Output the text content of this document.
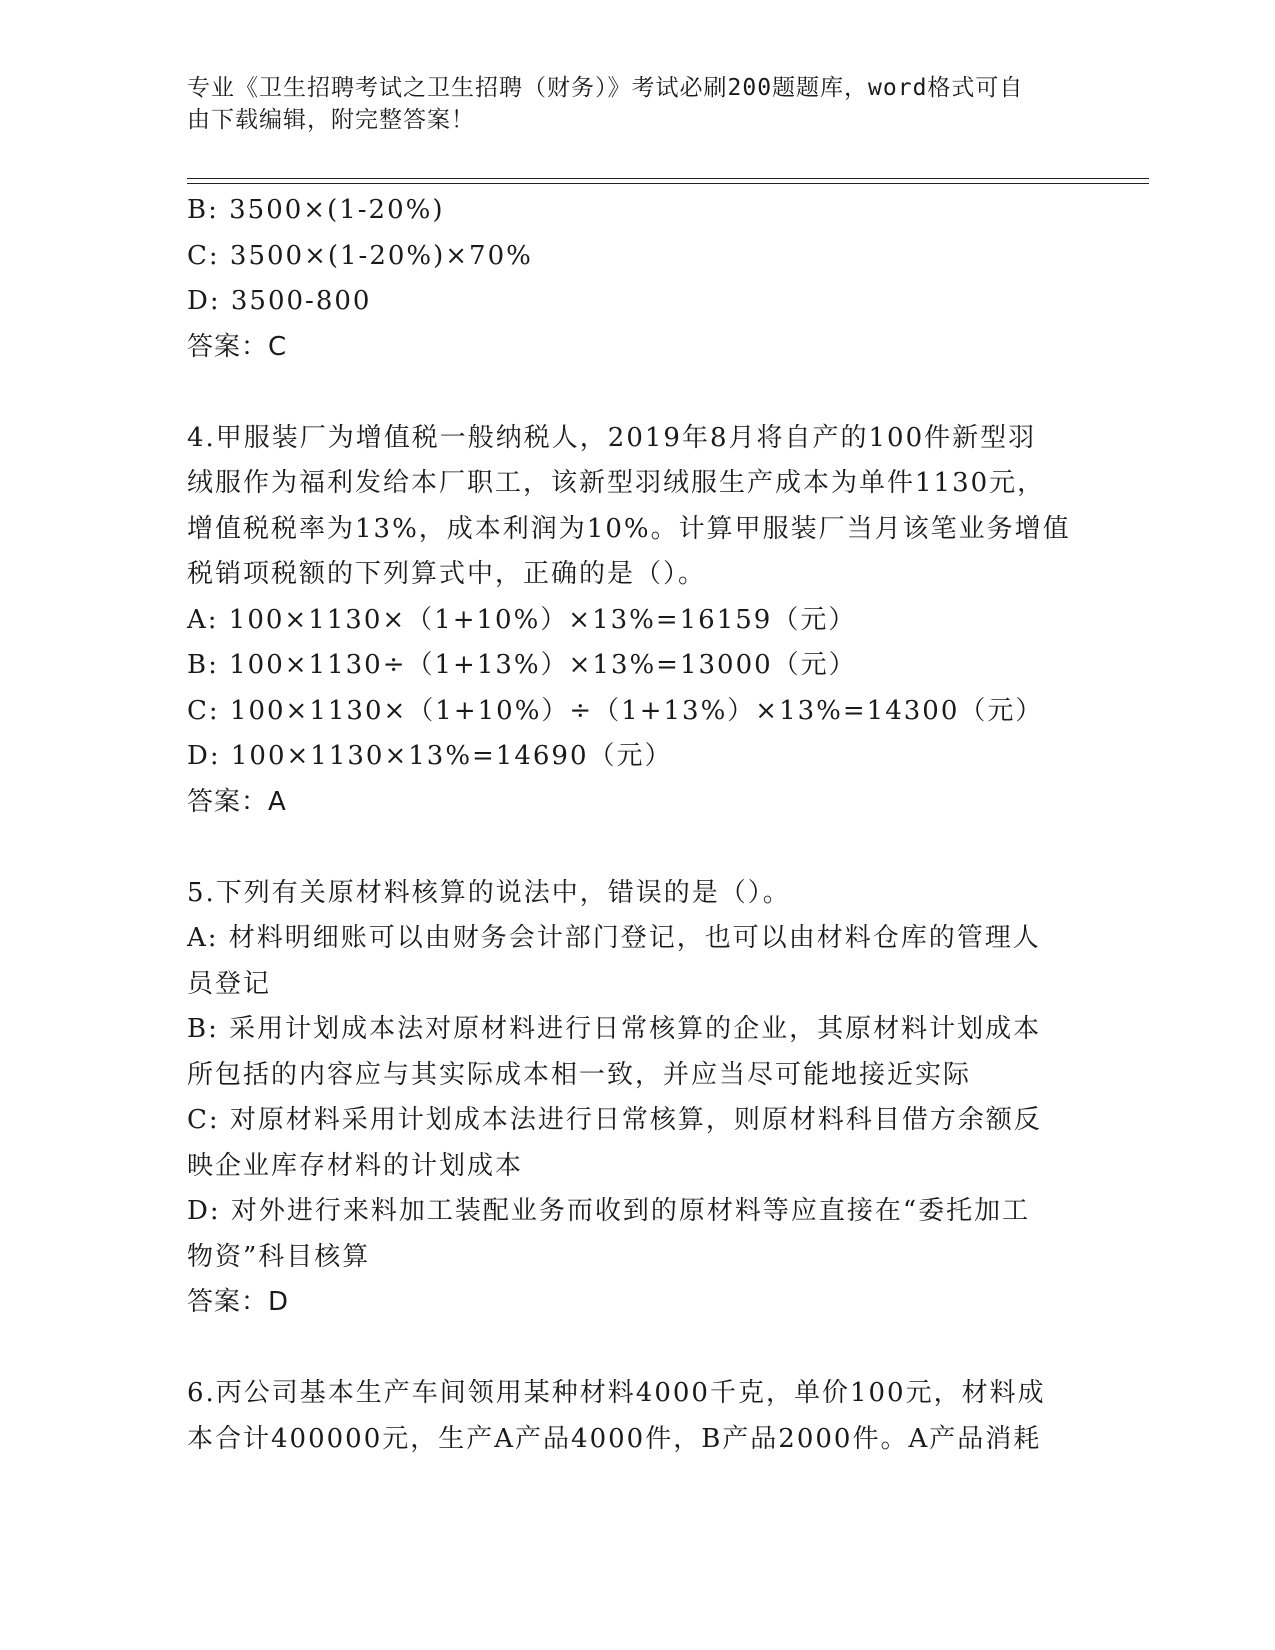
专业《卫生招聘考试之卫生招聘（财务）》考试必刷200题题库，word格式可自
由下载编辑，附完整答案！

B: 3500×(1-20%)

C: 3500×(1-20%)×70%

D: 3500-800

答案：C

4.甲服装厂为增值税一般纳税人，2019年8月将自产的100件新型羽

绒服作为福利发给本厂职工，该新型羽绒服生产成本为单件1130元，

增值税税率为13%，成本利润为10%。计算甲服装厂当月该笔业务增值

税销项税额的下列算式中，正确的是（）。

A: 100×1130×（1+10%）×13%=16159（元）

B: 100×1130÷（1+13%）×13%=13000（元）

C: 100×1130×（1+10%）÷（1+13%）×13%=14300（元）

D: 100×1130×13%=14690（元）

答案：A

5.下列有关原材料核算的说法中，错误的是（）。

A: 材料明细账可以由财务会计部门登记，也可以由材料仓库的管理人

员登记

B: 采用计划成本法对原材料进行日常核算的企业，其原材料计划成本

所包括的内容应与其实际成本相一致，并应当尽可能地接近实际

C: 对原材料采用计划成本法进行日常核算，则原材料科目借方余额反

映企业库存材料的计划成本

D: 对外进行来料加工装配业务而收到的原材料等应直接在“委托加工

物资”科目核算

答案：D

6.丙公司基本生产车间领用某种材料4000千克，单价100元，材料成

本合计400000元，生产A产品4000件，B产品2000件。A产品消耗
